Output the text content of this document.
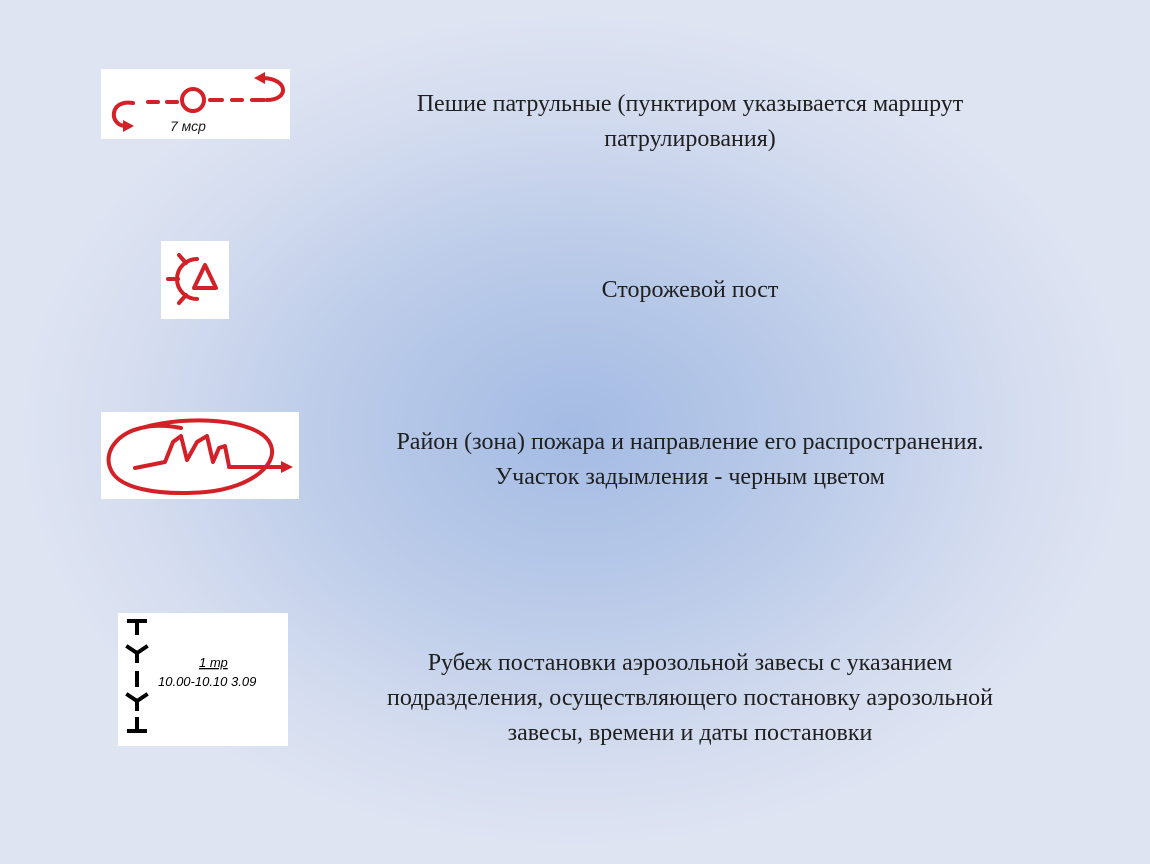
7 мср

Пешие патрульные (пунктиром указывается маршрут
патрулирования)

Сторожевой пост

Район (зона) пожара и направление его распространения.
Участок задымления - черным цветом

1 тр
10.00-10.10 3.09

Рубеж постановки аэрозольной завесы с указанием
подразделения, осуществляющего постановку аэрозольной
завесы, времени и даты постановки
